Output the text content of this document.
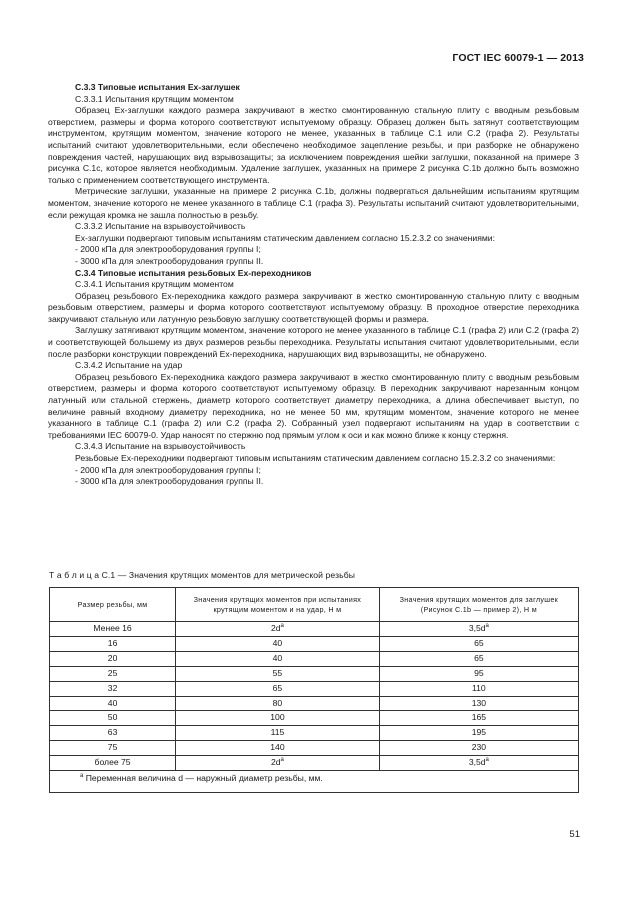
ГОСТ IEC 60079-1 — 2013

С.3.3 Типовые испытания Ex-заглушек

С.3.3.1 Испытания крутящим моментом

Образец Ex-заглушки каждого размера закручивают в жестко смонтированную стальную плиту с вводным резьбовым отверстием, размеры и форма которого соответствуют испытуемому образцу. Образец должен быть затянут соответствующим инструментом, крутящим моментом, значение которого не менее, указанных в таблице С.1 или С.2 (графа 2). Результаты испытаний считают удовлетворительными, если обеспечено необходимое зацепление резьбы, и при разборке не обнаружено повреждения частей, нарушающих вид взрывозащиты; за исключением повреждения шейки заглушки, показанной на примере 3 рисунка С.1с, которое является необходимым. Удаление заглушек, указанных на примере 2 рисунка С.1b должно быть возможно только с применением соответствующего инструмента.

Метрические заглушки, указанные на примере 2 рисунка С.1b, должны подвергаться дальнейшим испытаниям крутящим моментом, значение которого не менее указанного в таблице С.1 (графа 3). Результаты испытаний считают удовлетворительными, если режущая кромка не зашла полностью в резьбу.

С.3.3.2 Испытание на взрывоустойчивость

Ex-заглушки подвергают типовым испытаниям статическим давлением согласно 15.2.3.2 со значениями:

- 2000 кПа для электрооборудования группы I;

- 3000 кПа для электрооборудования группы II.

С.3.4 Типовые испытания резьбовых Ex-переходников

С.3.4.1 Испытания крутящим моментом

Образец резьбового Ex-переходника каждого размера закручивают в жестко смонтированную стальную плиту с вводным резьбовым отверстием, размеры и форма которого соответствуют испытуемому образцу. В проходное отверстие переходника закручивают стальную или латунную резьбовую заглушку соответствующей формы и размера.

Заглушку затягивают крутящим моментом, значение которого не менее указанного в таблице С.1 (графа 2) или С.2 (графа 2) и соответствующей большему из двух размеров резьбы переходника. Результаты испытания считают удовлетворительными, если после разборки конструкции повреждений Ex-переходника, нарушающих вид взрывозащиты, не обнаружено.

С.3.4.2 Испытание на удар

Образец резьбового Ex-переходника каждого размера закручивают в жестко смонтированную плиту с вводным резьбовым отверстием, размеры и форма которого соответствуют испытуемому образцу. В переходник закручивают нарезанным концом латунный или стальной стержень, диаметр которого соответствует диаметру переходника, а длина обеспечивает выступ, по величине равный входному диаметру переходника, но не менее 50 мм, крутящим моментом, значение которого не менее указанного в таблице С.1 (графа 2) или С.2 (графа 2). Собранный узел подвергают испытаниям на удар в соответствии с требованиями IEC 60079-0. Удар наносят по стержню под прямым углом к оси и как можно ближе к концу стержня.

С.3.4.3 Испытание на взрывоустойчивость

Резьбовые Ex-переходники подвергают типовым испытаниям статическим давлением согласно 15.2.3.2 со значениями:

- 2000 кПа для электрооборудования группы I;

- 3000 кПа для электрооборудования группы II.

Т а б л и ц а С.1 — Значения крутящих моментов для метрической резьбы
Размер резьбы, мм	Значения крутящих моментов при испытаниях крутящим моментом и на удар, Н м	Значения крутящих моментов для заглушек (Рисунок С.1b — пример 2), Н м
Менее 16	$2d^a$	$3,5d^a$
16	40	65
20	40	65
25	55	95
32	65	110
40	80	130
50	100	165
63	115	195
75	140	230
более 75	$2d^a$	$3,5d^a$
$^a$ Переменная величина d — наружный диаметр резьбы, мм.		
51
